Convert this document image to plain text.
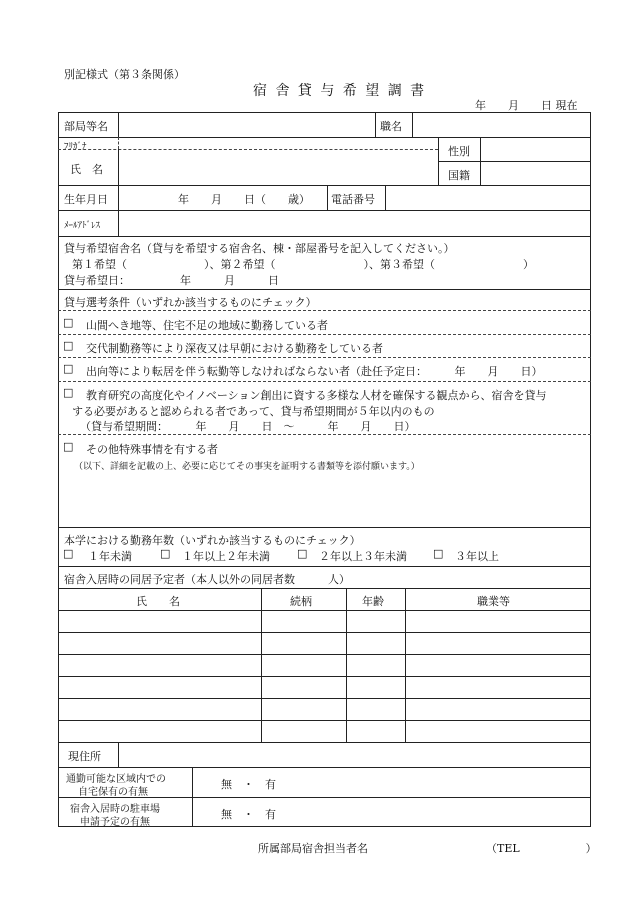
別記様式（第３条関係）
宿 舎 貸 与 希 望 調 書
年　　月　　日 現在
部局等名	職名
ﾌﾘｶﾞﾅ
氏　名
性別
国籍
生年月日	年　　月　　日（　　歳） 電話番号
ﾒｰﾙｱﾄﾞﾚｽ
貸与希望宿舎名（貸与を希望する宿舎名、棟・部屋番号を記入してください。）
第１希望（　　　　　　　）、第２希望（　　　　　　　　）、第３希望（　　　　　　　　）
貸与希望日：	年　　　月　　　日
貸与選考条件（いずれか該当するものにチェック）
□ 山間へき地等、住宅不足の地域に勤務している者
□ 交代制勤務等により深夜又は早朝における勤務をしている者
□ 出向等により転居を伴う転勤等しなければならない者（赴任予定日：　　　年　　月　　日）
□ 教育研究の高度化やイノベーション創出に資する多様な人材を確保する観点から、宿舎を貸与
する必要があると認められる者であって、貸与希望期間が５年以内のもの
（貸与希望期間：　　　年　　月　　日　～　　　年　　月　　日）
□ その他特殊事情を有する者
（以下、詳細を記載の上、必要に応じてその事実を証明する書類等を添付願います。）
本学における勤務年数（いずれか該当するものにチェック）
□ １年未満	□ １年以上２年未満 □ ２年以上３年未満 □ ３年以上
宿舎入居時の同居予定者（本人以外の同居者数　　　人）
氏　　名	続柄	年齢	職業等
現住所
通勤可能な区域内での
自宅保有の有無
無　・　有
宿舎入居時の駐車場
申請予定の有無
無　・　有
所属部局宿舎担当者名	（TEL　　　　　　）
